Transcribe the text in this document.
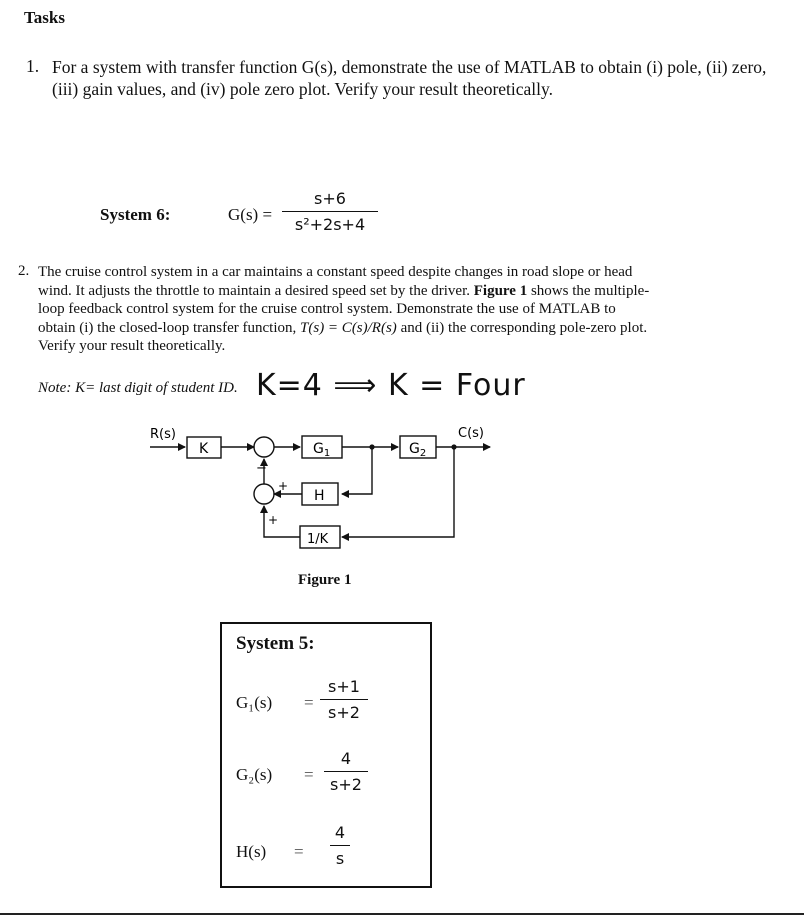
Tasks
1. For a system with transfer function G(s), demonstrate the use of MATLAB to obtain (i) pole, (ii) zero, (iii) gain values, and (iv) pole zero plot. Verify your result theoretically.
System 6:	G(s) =
s+6
s²+2s+4
2. The cruise control system in a car maintains a constant speed despite changes in road slope or head wind. It adjusts the throttle to maintain a desired speed set by the driver. Figure 1 shows the multiple-loop feedback control system for the cruise control system. Demonstrate the use of MATLAB to obtain (i) the closed-loop transfer function, T(s) = C(s)/R(s) and (ii) the corresponding pole-zero plot. Verify your result theoretically.
Note: K= last digit of student ID. K=4 ⟹ K = Four
R(s)	C(s)
K	$G_1$	$G_2$
H
1/K
−
+
+
Figure 1
System 5:
G₁(s) =
s+1
s+2
G₂(s) =
4
s+2
H(s) =
4
s
